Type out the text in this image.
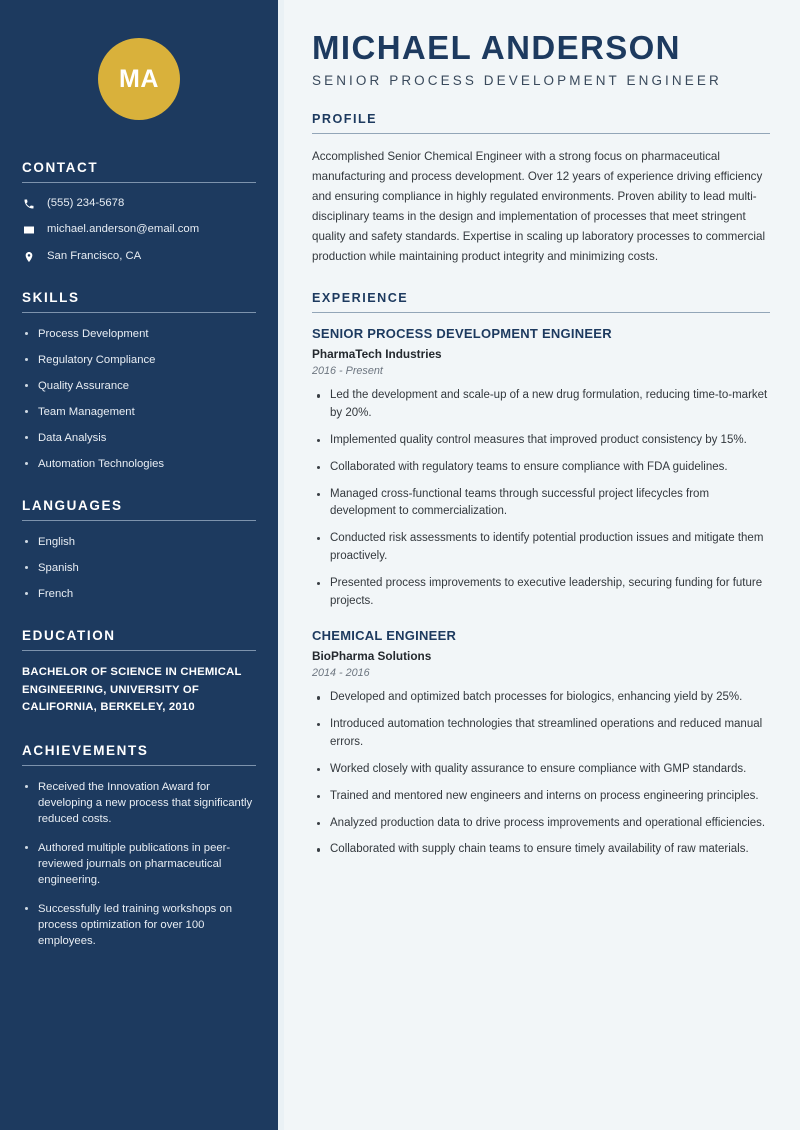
MA
CONTACT
(555) 234-5678
michael.anderson@email.com
San Francisco, CA
SKILLS
Process Development
Regulatory Compliance
Quality Assurance
Team Management
Data Analysis
Automation Technologies
LANGUAGES
English
Spanish
French
EDUCATION
BACHELOR OF SCIENCE IN CHEMICAL ENGINEERING, UNIVERSITY OF CALIFORNIA, BERKELEY, 2010
ACHIEVEMENTS
Received the Innovation Award for developing a new process that significantly reduced costs.
Authored multiple publications in peer-reviewed journals on pharmaceutical engineering.
Successfully led training workshops on process optimization for over 100 employees.
MICHAEL ANDERSON
SENIOR PROCESS DEVELOPMENT ENGINEER
PROFILE

Accomplished Senior Chemical Engineer with a strong focus on pharmaceutical manufacturing and process development. Over 12 years of experience driving efficiency and ensuring compliance in highly regulated environments. Proven ability to lead multi-disciplinary teams in the design and implementation of processes that meet stringent quality and safety standards. Expertise in scaling up laboratory processes to commercial production while maintaining product integrity and minimizing costs.

EXPERIENCE
SENIOR PROCESS DEVELOPMENT ENGINEER
PharmaTech Industries
2016 - Present
Led the development and scale-up of a new drug formulation, reducing time-to-market by 20%.
Implemented quality control measures that improved product consistency by 15%.
Collaborated with regulatory teams to ensure compliance with FDA guidelines.
Managed cross-functional teams through successful project lifecycles from development to commercialization.
Conducted risk assessments to identify potential production issues and mitigate them proactively.
Presented process improvements to executive leadership, securing funding for future projects.
CHEMICAL ENGINEER
BioPharma Solutions
2014 - 2016
Developed and optimized batch processes for biologics, enhancing yield by 25%.
Introduced automation technologies that streamlined operations and reduced manual errors.
Worked closely with quality assurance to ensure compliance with GMP standards.
Trained and mentored new engineers and interns on process engineering principles.
Analyzed production data to drive process improvements and operational efficiencies.
Collaborated with supply chain teams to ensure timely availability of raw materials.
